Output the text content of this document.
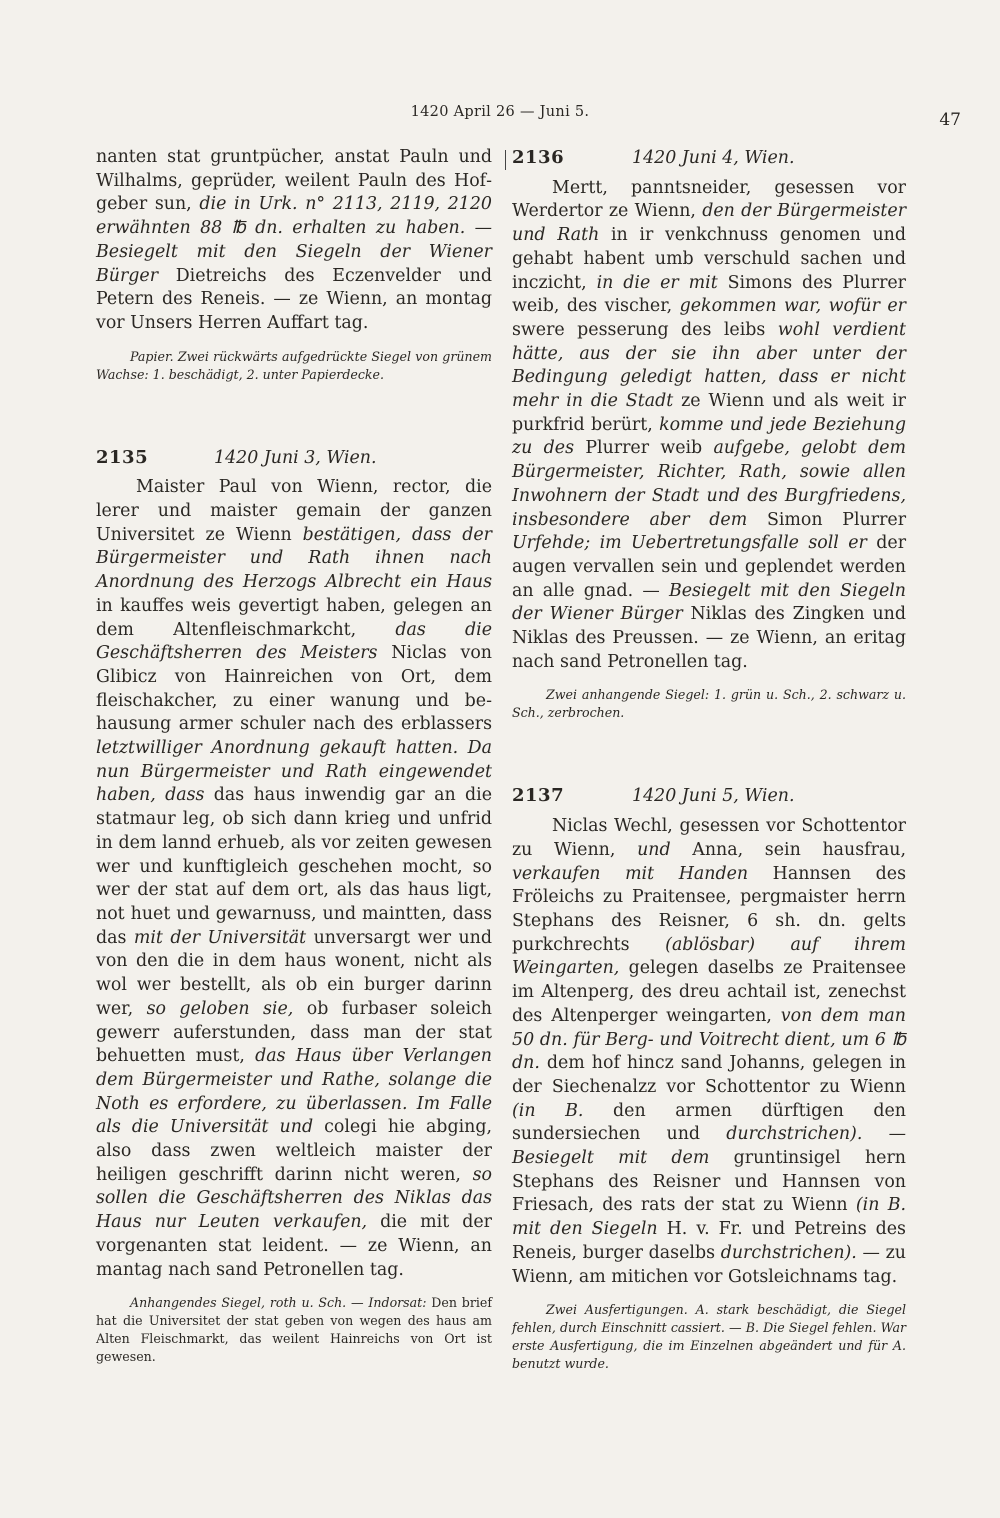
1420 April 26 — Juni 5.	47

nanten stat gruntpücher, anstat Pauln und Wilhalms, geprüder, weilent Pauln des Hofgeber sun, die in Urk. n° 2113, 2119, 2120 erwähnten 88 ℔ dn. erhalten zu haben. — Besiegelt mit den Siegeln der Wiener Bürger Dietreichs des Eczenvelder und Petern des Reneis. — ze Wienn, an montag vor Unsers Herren Auffart tag.

Papier. Zwei rückwärts aufgedrückte Siegel von grünem Wachse: 1. beschädigt, 2. unter Papierdecke.

2135	1420 Juni 3, Wien.

Maister Paul von Wienn, rector, die lerer und maister gemain der ganzen Universitet ze Wienn bestätigen, dass der Bürgermeister und Rath ihnen nach Anordnung des Herzogs Albrecht ein Haus in kauffes weis gevertigt haben, gelegen an dem Altenfleischmarkcht, das die Geschäftsherren des Meisters Niclas von Glibicz von Hainreichen von Ort, dem fleischakcher, zu einer wanung und behausung armer schuler nach des erblassers letztwilliger Anordnung gekauft hatten. Da nun Bürgermeister und Rath eingewendet haben, dass das haus inwendig gar an die statmaur leg, ob sich dann krieg und unfrid in dem lannd erhueb, als vor zeiten gewesen wer und kunftigleich geschehen mocht, so wer der stat auf dem ort, als das haus ligt, not huet und gewarnuss, und maintten, dass das mit der Universität unversargt wer und von den die in dem haus wonent, nicht als wol wer bestellt, als ob ein burger darinn wer, so geloben sie, ob furbaser soleich gewerr auferstunden, dass man der stat behuetten must, das Haus über Verlangen dem Bürgermeister und Rathe, solange die Noth es erfordere, zu überlassen. Im Falle als die Universität und colegi hie abging, also dass zwen weltleich maister der heiligen geschrifft darinn nicht weren, so sollen die Geschäftsherren des Niklas das Haus nur Leuten verkaufen, die mit der vorgenanten stat leident. — ze Wienn, an mantag nach sand Petronellen tag.

Anhangendes Siegel, roth u. Sch. — Indorsat: Den brief hat die Universitet der stat geben von wegen des haus am Alten Fleischmarkt, das weilent Hainreichs von Ort ist gewesen.

2136	1420 Juni 4, Wien.

Mertt, panntsneider, gesessen vor Werdertor ze Wienn, den der Bürgermeister und Rath in ir venkchnuss genomen und gehabt habent umb verschuld sachen und inczicht, in die er mit Simons des Plurrer weib, des vischer, gekommen war, wofür er swere pesserung des leibs wohl verdient hätte, aus der sie ihn aber unter der Bedingung geledigt hatten, dass er nicht mehr in die Stadt ze Wienn und als weit ir purkfrid berürt, komme und jede Beziehung zu des Plurrer weib aufgebe, gelobt dem Bürgermeister, Richter, Rath, sowie allen Inwohnern der Stadt und des Burgfriedens, insbesondere aber dem Simon Plurrer Urfehde; im Uebertretungsfalle soll er der augen vervallen sein und geplendet werden an alle gnad. — Besiegelt mit den Siegeln der Wiener Bürger Niklas des Zingken und Niklas des Preussen. — ze Wienn, an eritag nach sand Petronellen tag.

Zwei anhangende Siegel: 1. grün u. Sch., 2. schwarz u. Sch., zerbrochen.

2137	1420 Juni 5, Wien.

Niclas Wechl, gesessen vor Schottentor zu Wienn, und Anna, sein hausfrau, verkaufen mit Handen Hannsen des Fröleichs zu Praitensee, pergmaister herrn Stephans des Reisner, 6 sh. dn. gelts purkchrechts (ablösbar) auf ihrem Weingarten, gelegen daselbs ze Praitensee im Altenperg, des dreu achtail ist, zenechst des Altenperger weingarten, von dem man 50 dn. für Berg- und Voitrecht dient, um 6 ℔ dn. dem hof hincz sand Johanns, gelegen in der Siechenalzz vor Schottentor zu Wienn (in B. den armen dürftigen den sundersiechen und durchstrichen). — Besiegelt mit dem gruntinsigel hern Stephans des Reisner und Hannsen von Friesach, des rats der stat zu Wienn (in B. mit den Siegeln H. v. Fr. und Petreins des Reneis, burger daselbs durchstrichen). — zu Wienn, am mitichen vor Gotsleichnams tag.

Zwei Ausfertigungen. A. stark beschädigt, die Siegel fehlen, durch Einschnitt cassiert. — B. Die Siegel fehlen. War erste Ausfertigung, die im Einzelnen abgeändert und für A. benutzt wurde.
